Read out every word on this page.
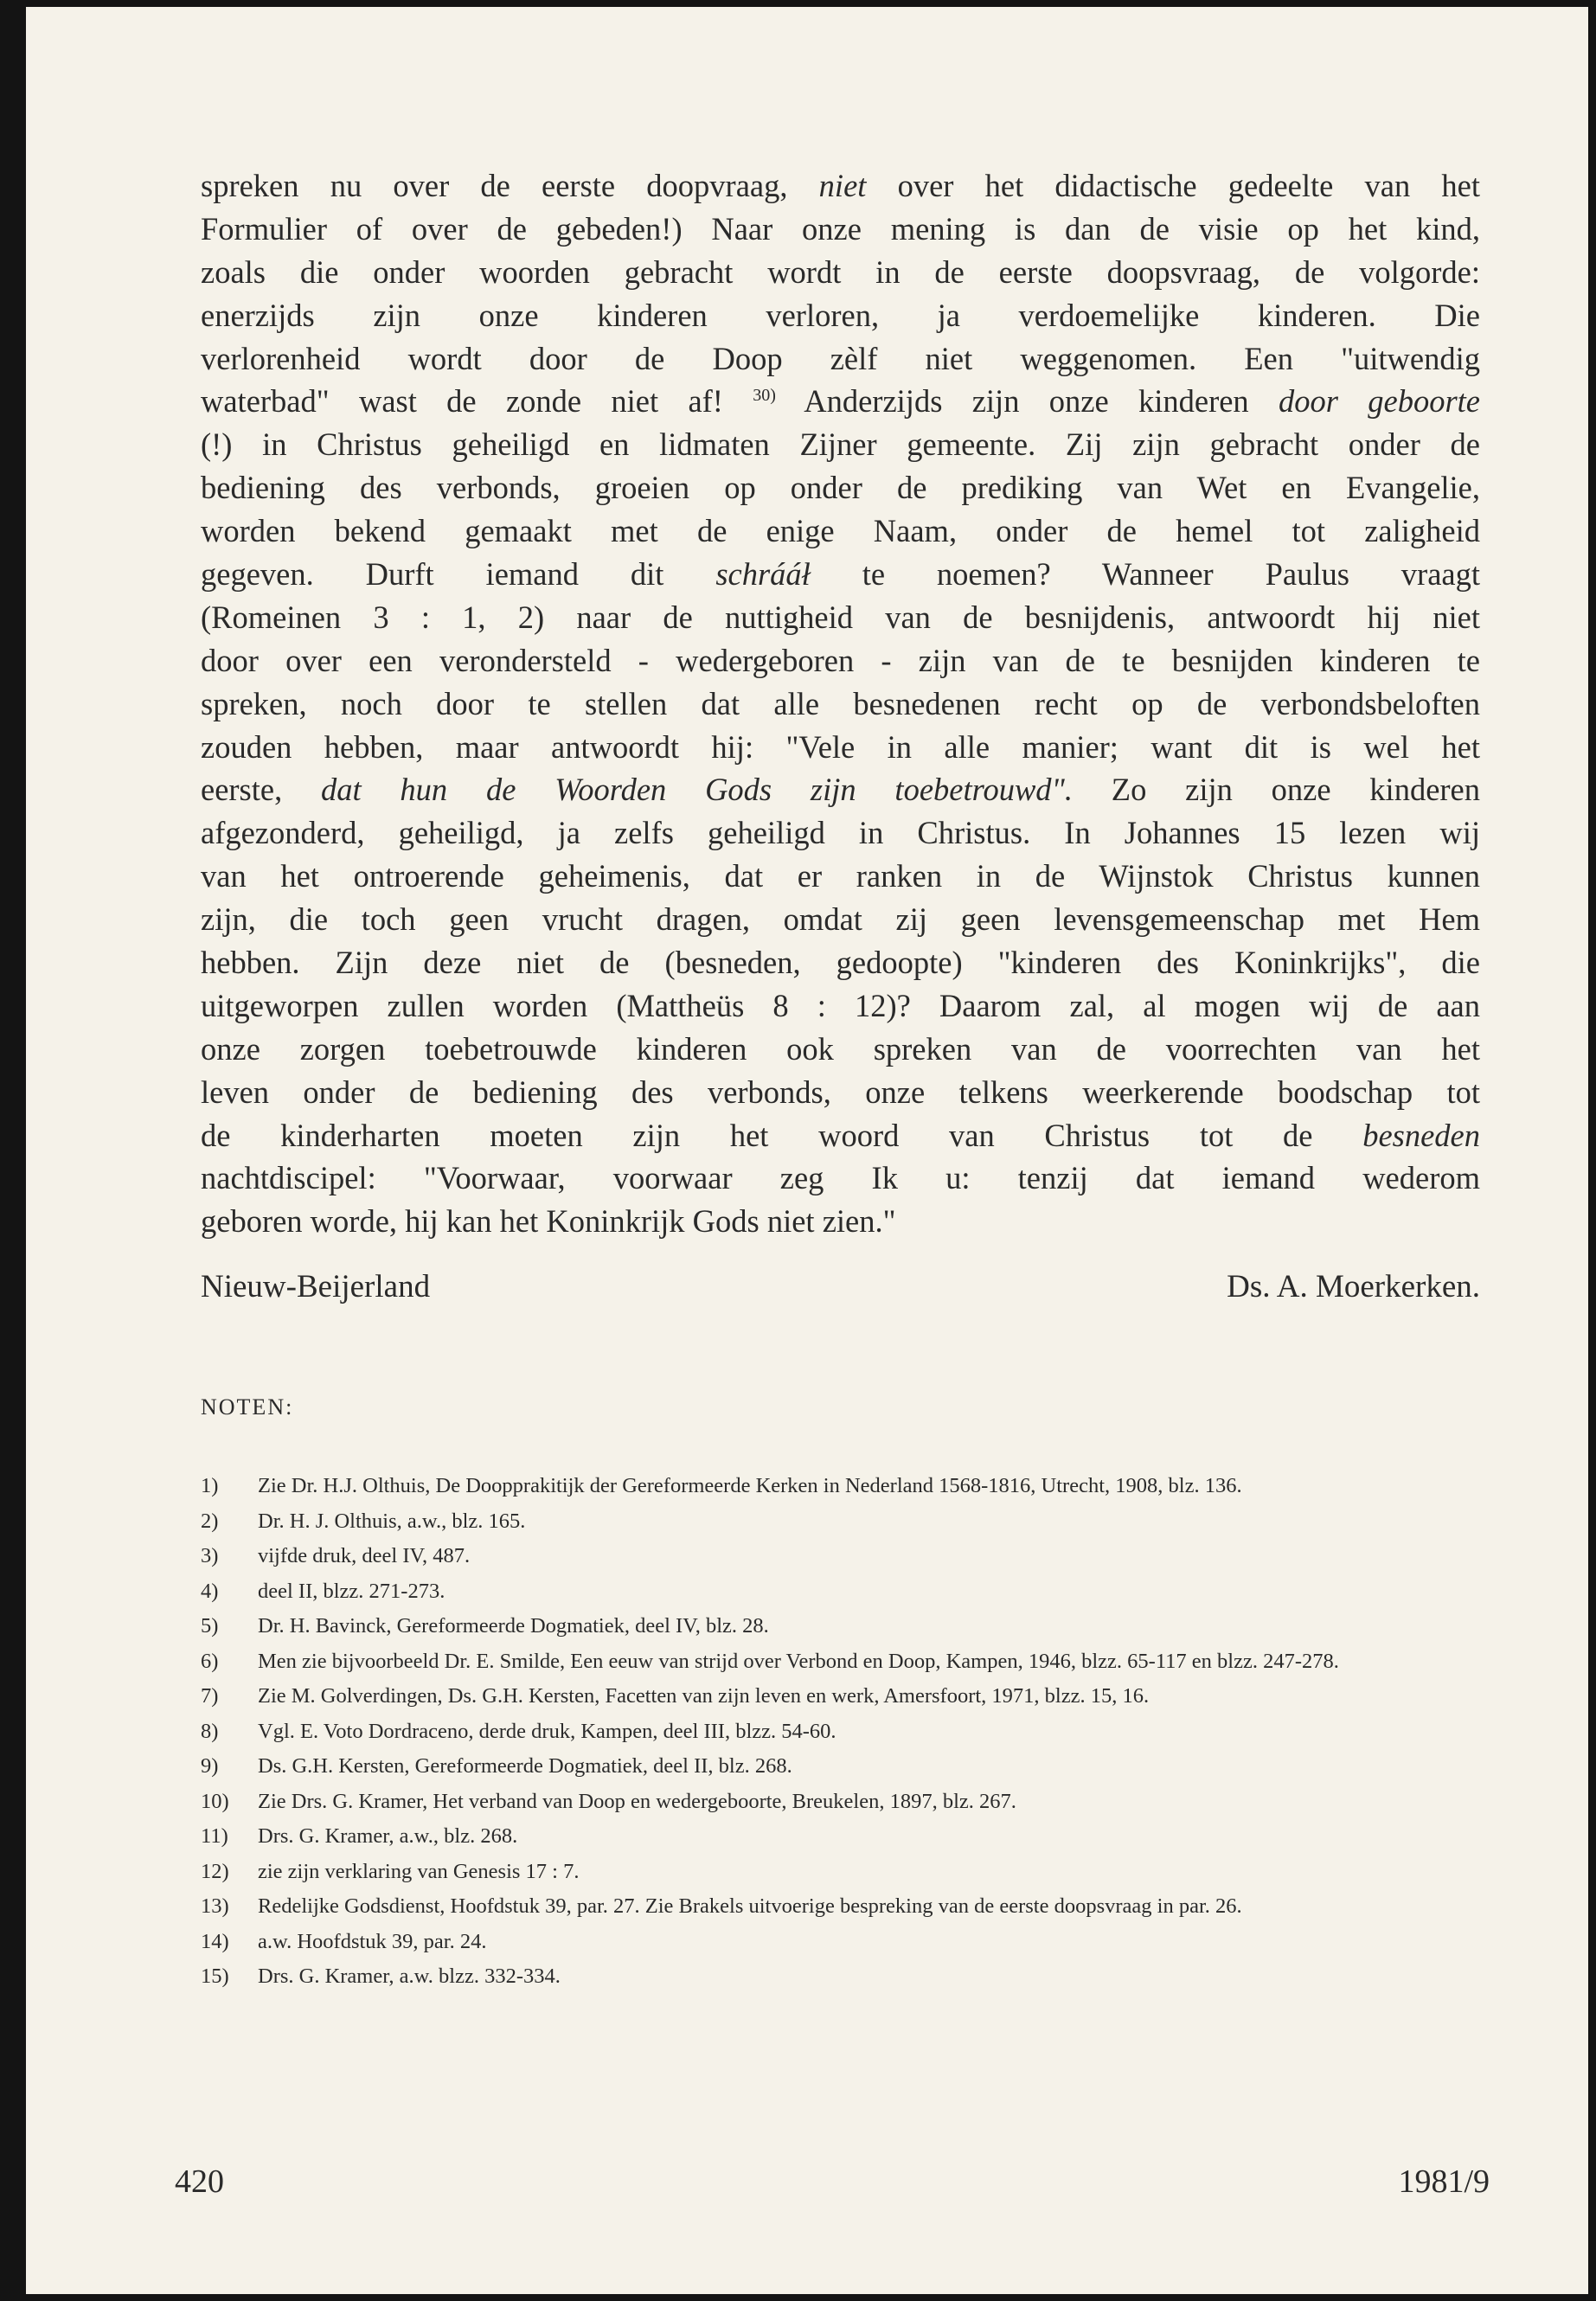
spreken nu over de eerste doopvraag, niet over het didactische gedeelte van het
Formulier of over de gebeden!) Naar onze mening is dan de visie op het kind,
zoals die onder woorden gebracht wordt in de eerste doopsvraag, de volgorde:
enerzijds zijn onze kinderen verloren, ja verdoemelijke kinderen. Die
verlorenheid wordt door de Doop zèlf niet weggenomen. Een "uitwendig
waterbad" wast de zonde niet af! $^{30)}$ Anderzijds zijn onze kinderen door geboorte
(!) in Christus geheiligd en lidmaten Zijner gemeente. Zij zijn gebracht onder de
bediening des verbonds, groeien op onder de prediking van Wet en Evangelie,
worden bekend gemaakt met de enige Naam, onder de hemel tot zaligheid
gegeven. Durft iemand dit schrááł te noemen? Wanneer Paulus vraagt
(Romeinen 3 : 1, 2) naar de nuttigheid van de besnijdenis, antwoordt hij niet
door over een verondersteld - wedergeboren - zijn van de te besnijden kinderen te
spreken, noch door te stellen dat alle besnedenen recht op de verbondsbeloften
zouden hebben, maar antwoordt hij: "Vele in alle manier; want dit is wel het
eerste, dat hun de Woorden Gods zijn toebetrouwd". Zo zijn onze kinderen
afgezonderd, geheiligd, ja zelfs geheiligd in Christus. In Johannes 15 lezen wij
van het ontroerende geheimenis, dat er ranken in de Wijnstok Christus kunnen
zijn, die toch geen vrucht dragen, omdat zij geen levensgemeenschap met Hem
hebben. Zijn deze niet de (besneden, gedoopte) "kinderen des Koninkrijks", die
uitgeworpen zullen worden (Mattheüs 8 : 12)? Daarom zal, al mogen wij de aan
onze zorgen toebetrouwde kinderen ook spreken van de voorrechten van het
leven onder de bediening des verbonds, onze telkens weerkerende boodschap tot
de kinderharten moeten zijn het woord van Christus tot de besneden
nachtdiscipel: "Voorwaar, voorwaar zeg Ik u: tenzij dat iemand wederom
geboren worde, hij kan het Koninkrijk Gods niet zien."
Nieuw-Beijerland	Ds. A. Moerkerken.
NOTEN:
1)	Zie Dr. H.J. Olthuis, De Doopprakitijk der Gereformeerde Kerken in Nederland 1568-1816, Utrecht, 1908, blz. 136.
2)	Dr. H. J. Olthuis, a.w., blz. 165.
3)	vijfde druk, deel IV, 487.
4)	deel II, blzz. 271-273.
5)	Dr. H. Bavinck, Gereformeerde Dogmatiek, deel IV, blz. 28.
6)	Men zie bijvoorbeeld Dr. E. Smilde, Een eeuw van strijd over Verbond en Doop, Kampen, 1946, blzz. 65-117 en blzz. 247-278.
7)	Zie M. Golverdingen, Ds. G.H. Kersten, Facetten van zijn leven en werk, Amersfoort, 1971, blzz. 15, 16.
8)	Vgl. E. Voto Dordraceno, derde druk, Kampen, deel III, blzz. 54-60.
9)	Ds. G.H. Kersten, Gereformeerde Dogmatiek, deel II, blz. 268.
10)	Zie Drs. G. Kramer, Het verband van Doop en wedergeboorte, Breukelen, 1897, blz. 267.
11)	Drs. G. Kramer, a.w., blz. 268.
12)	zie zijn verklaring van Genesis 17 : 7.
13)	Redelijke Godsdienst, Hoofdstuk 39, par. 27. Zie Brakels uitvoerige bespreking van de eerste doopsvraag in par. 26.
14)	a.w. Hoofdstuk 39, par. 24.
15)	Drs. G. Kramer, a.w. blzz. 332-334.
420	1981/9
